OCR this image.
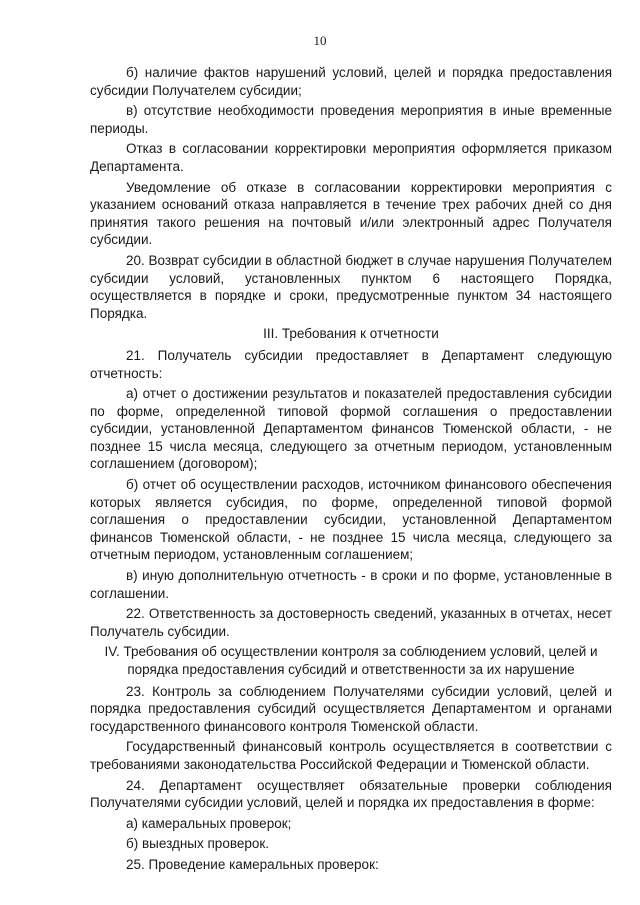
10

б) наличие фактов нарушений условий, целей и порядка предоставления субсидии Получателем субсидии;

в) отсутствие необходимости проведения мероприятия в иные временные периоды.

Отказ в согласовании корректировки мероприятия оформляется приказом Департамента.

Уведомление об отказе в согласовании корректировки мероприятия с указанием оснований отказа направляется в течение трех рабочих дней со дня принятия такого решения на почтовый и/или электронный адрес Получателя субсидии.

20. Возврат субсидии в областной бюджет в случае нарушения Получателем субсидии условий, установленных пунктом 6 настоящего Порядка, осуществляется в порядке и сроки, предусмотренные пунктом 34 настоящего Порядка.

III. Требования к отчетности

21. Получатель субсидии предоставляет в Департамент следующую отчетность:

а) отчет о достижении результатов и показателей предоставления субсидии по форме, определенной типовой формой соглашения о предоставлении субсидии, установленной Департаментом финансов Тюменской области, - не позднее 15 числа месяца, следующего за отчетным периодом, установленным соглашением (договором);

б) отчет об осуществлении расходов, источником финансового обеспечения которых является субсидия, по форме, определенной типовой формой соглашения о предоставлении субсидии, установленной Департаментом финансов Тюменской области, - не позднее 15 числа месяца, следующего за отчетным периодом, установленным соглашением;

в) иную дополнительную отчетность - в сроки и по форме, установленные в соглашении.

22. Ответственность за достоверность сведений, указанных в отчетах, несет Получатель субсидии.

IV. Требования об осуществлении контроля за соблюдением условий, целей и порядка предоставления субсидий и ответственности за их нарушение

23. Контроль за соблюдением Получателями субсидии условий, целей и порядка предоставления субсидий осуществляется Департаментом и органами государственного финансового контроля Тюменской области.

Государственный финансовый контроль осуществляется в соответствии с требованиями законодательства Российской Федерации и Тюменской области.

24. Департамент осуществляет обязательные проверки соблюдения Получателями субсидии условий, целей и порядка их предоставления в форме:

а) камеральных проверок;

б) выездных проверок.

25. Проведение камеральных проверок:
